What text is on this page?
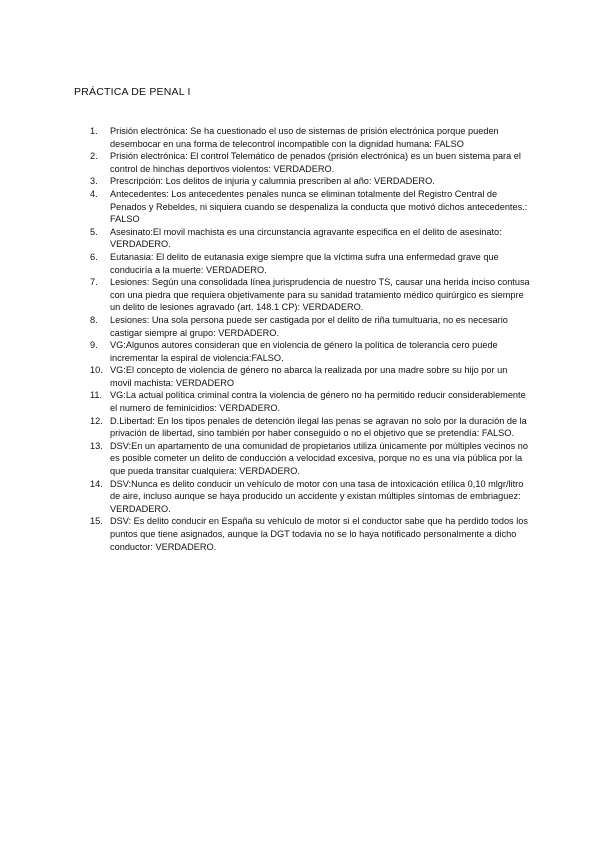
PRÁCTICA DE PENAL I
1.	Prisión electrónica: Se ha cuestionado el uso de sistemas de prisión electrónica porque pueden desembocar en una forma de telecontrol incompatible con la dignidad humana: FALSO
2.	Prisión electrónica: El control Telemático de penados (prisión electrónica) es un buen sistema para el control de hinchas deportivos violentos: VERDADERO.
3.	Prescripción: Los delitos de injuria y calumnia prescriben al año: VERDADERO.
4.	Antecedentes: Los antecedentes penales nunca se eliminan totalmente del Registro Central de Penados y Rebeldes, ni siquiera cuando se despenaliza la conducta que motivó dichos antecedentes.: FALSO
5.	Asesinato:El movil machista es una circunstancia agravante especifica en el delito de asesinato: VERDADERO.
6.	Eutanasia: El delito de eutanasia exige siempre que la víctima sufra una enfermedad grave que conduciría a la muerte: VERDADERO.
7.	Lesiones: Según una consolidada línea jurisprudencia de nuestro TS, causar una herida inciso contusa con una piedra que requiera objetivamente para su sanidad tratamiento médico quirúrgico es siempre un delito de lesiones agravado (art. 148.1 CP): VERDADERO.
8.	Lesiones: Una sola persona puede ser castigada por el delito de riña tumultuaria, no es necesario castigar siempre al grupo: VERDADERO.
9.	VG:Algunos autores consideran que en violencia de género la política de tolerancia cero puede incrementar la espiral de violencia:FALSO.
10. VG:El concepto de violencia de género no abarca la realizada por una madre sobre su hijo por un movil machista: VERDADERO
11. VG:La actual política criminal contra la violencia de género no ha permitido reducir considerablemente el numero de feminicidios: VERDADERO.
12. D.Libertad: En los tipos penales de detención ilegal las penas se agravan no solo por la duración de la privación de libertad, sino también por haber conseguido o no el objetivo que se pretendía: FALSO.
13. DSV:En un apartamento de una comunidad de propietarios utiliza únicamente por múltiples vecinos no es posible cometer un delito de conducción a velocidad excesiva, porque no es una vía pública por la que pueda transitar cualquiera: VERDADERO.
14. DSV:Nunca es delito conducir un vehículo de motor con una tasa de intoxicación etílica 0,10 mlgr/litro de aire, incluso aunque se haya producido un accidente y existan múltiples síntomas de embriaguez: VERDADERO.
15. DSV: Es delito conducir en España su vehículo de motor si el conductor sabe que ha perdido todos los puntos que tiene asignados, aunque la DGT todavia no se lo haya notificado personalmente a dicho conductor: VERDADERO.
